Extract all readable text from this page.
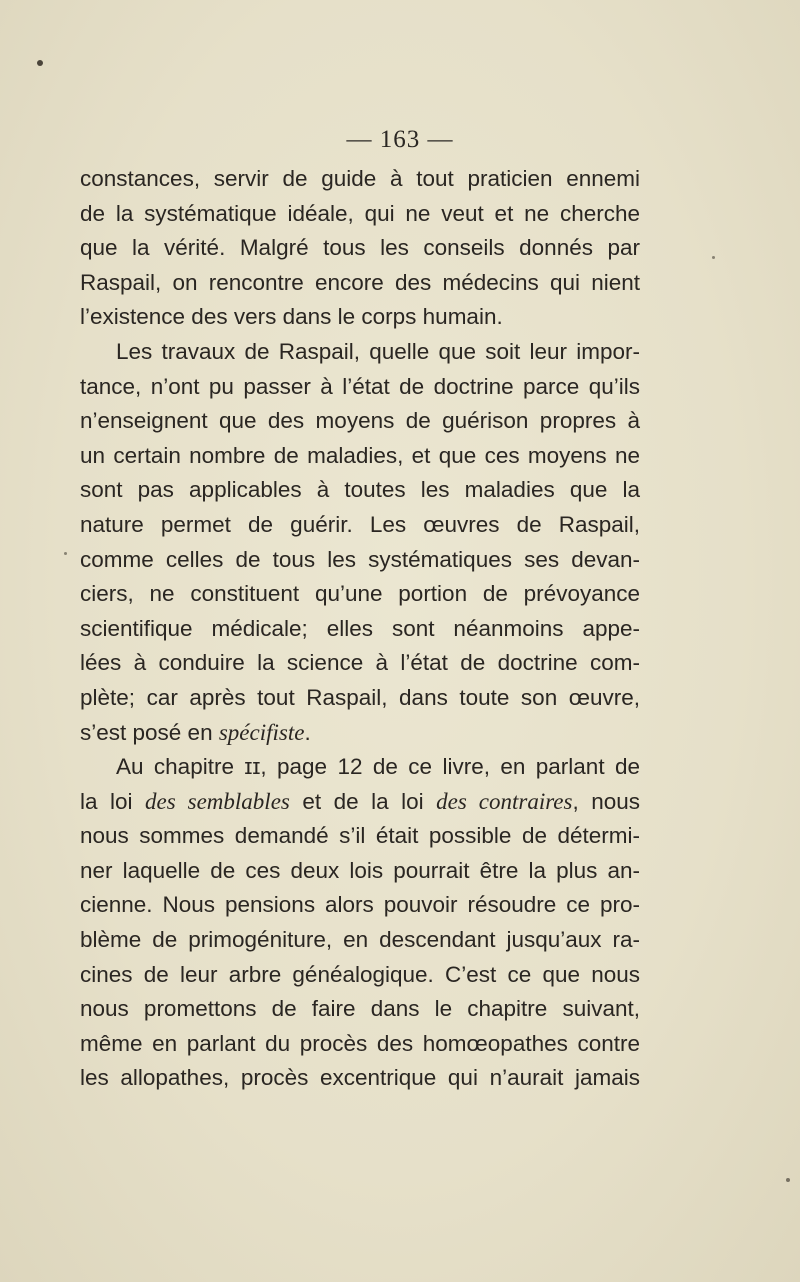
— 163 —
constances, servir de guide à tout praticien ennemi
de la systématique idéale, qui ne veut et ne cherche
que la vérité. Malgré tous les conseils donnés par
Raspail, on rencontre encore des médecins qui nient
l’existence des vers dans le corps humain.
Les travaux de Raspail, quelle que soit leur impor-
tance, n’ont pu passer à l’état de doctrine parce qu’ils
n’enseignent que des moyens de guérison propres à
un certain nombre de maladies, et que ces moyens ne
sont pas applicables à toutes les maladies que la
nature permet de guérir. Les œuvres de Raspail,
comme celles de tous les systématiques ses devan-
ciers, ne constituent qu’une portion de prévoyance
scientifique médicale; elles sont néanmoins appe-
lées à conduire la science à l’état de doctrine com-
plète; car après tout Raspail, dans toute son œuvre,
s’est posé en spécifiste.
Au chapitre ɪɪ, page 12 de ce livre, en parlant de
la loi des semblables et de la loi des contraires, nous
nous sommes demandé s’il était possible de détermi-
ner laquelle de ces deux lois pourrait être la plus an-
cienne. Nous pensions alors pouvoir résoudre ce pro-
blème de primogéniture, en descendant jusqu’aux ra-
cines de leur arbre généalogique. C’est ce que nous
nous promettons de faire dans le chapitre suivant,
même en parlant du procès des homœopathes contre
les allopathes, procès excentrique qui n’aurait jamais
